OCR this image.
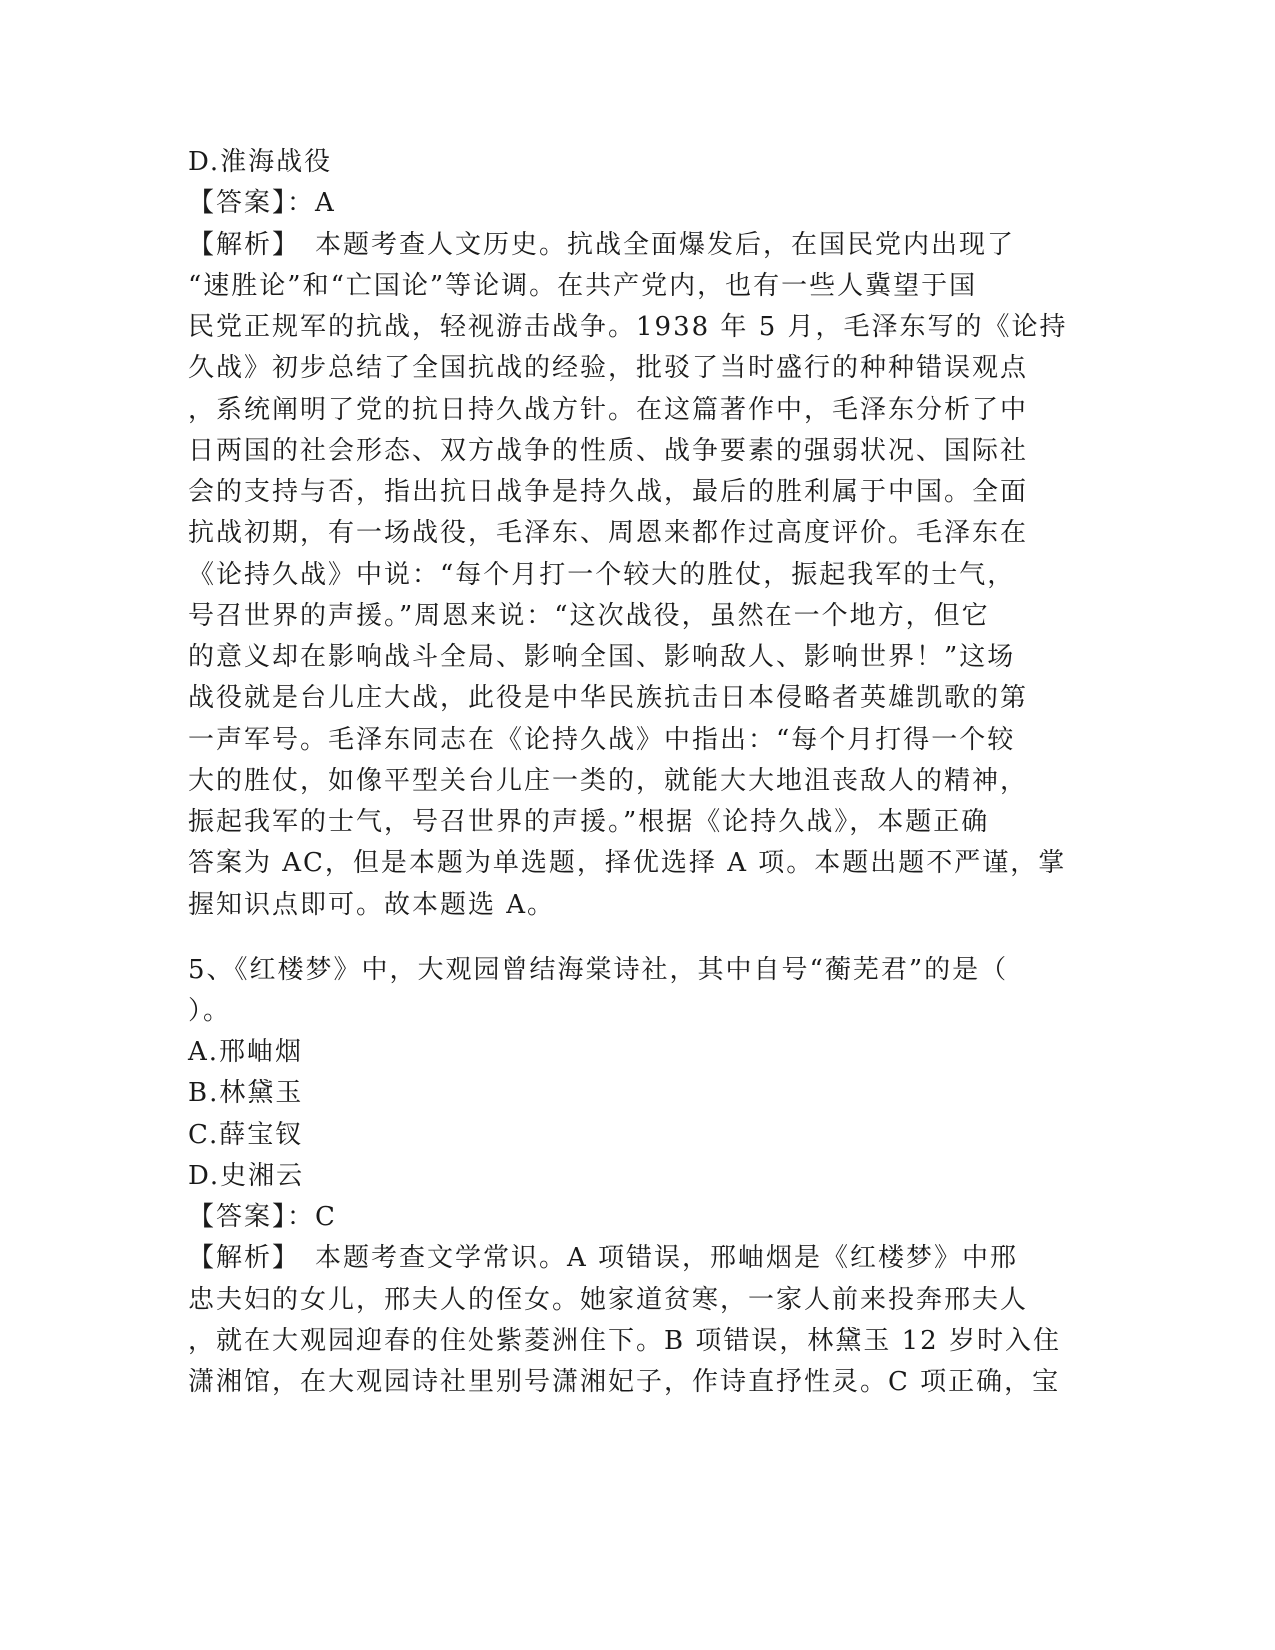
D.淮海战役

【答案】：A

【解析】　本题考查人文历史。抗战全面爆发后，在国民党内出现了

“速胜论”和“亡国论”等论调。在共产党内，也有一些人冀望于国

民党正规军的抗战，轻视游击战争。1938 年 5 月，毛泽东写的《论持

久战》初步总结了全国抗战的经验，批驳了当时盛行的种种错误观点

，系统阐明了党的抗日持久战方针。在这篇著作中，毛泽东分析了中

日两国的社会形态、双方战争的性质、战争要素的强弱状况、国际社

会的支持与否，指出抗日战争是持久战，最后的胜利属于中国。全面

抗战初期，有一场战役，毛泽东、周恩来都作过高度评价。毛泽东在

《论持久战》中说：“每个月打一个较大的胜仗，振起我军的士气，

号召世界的声援。”周恩来说：“这次战役，虽然在一个地方，但它

的意义却在影响战斗全局、影响全国、影响敌人、影响世界！”这场

战役就是台儿庄大战，此役是中华民族抗击日本侵略者英雄凯歌的第

一声军号。毛泽东同志在《论持久战》中指出：“每个月打得一个较

大的胜仗，如像平型关台儿庄一类的，就能大大地沮丧敌人的精神，

振起我军的士气，号召世界的声援。”根据《论持久战》，本题正确

答案为 AC，但是本题为单选题，择优选择 A 项。本题出题不严谨，掌

握知识点即可。故本题选 A。

5、《红楼梦》中，大观园曾结海棠诗社，其中自号“蘅芜君”的是（

）。

A.邢岫烟

B.林黛玉

C.薛宝钗

D.史湘云

【答案】：C

【解析】　本题考查文学常识。A 项错误，邢岫烟是《红楼梦》中邢

忠夫妇的女儿，邢夫人的侄女。她家道贫寒，一家人前来投奔邢夫人

，就在大观园迎春的住处紫菱洲住下。B 项错误，林黛玉 12 岁时入住

潇湘馆，在大观园诗社里别号潇湘妃子，作诗直抒性灵。C 项正确，宝
